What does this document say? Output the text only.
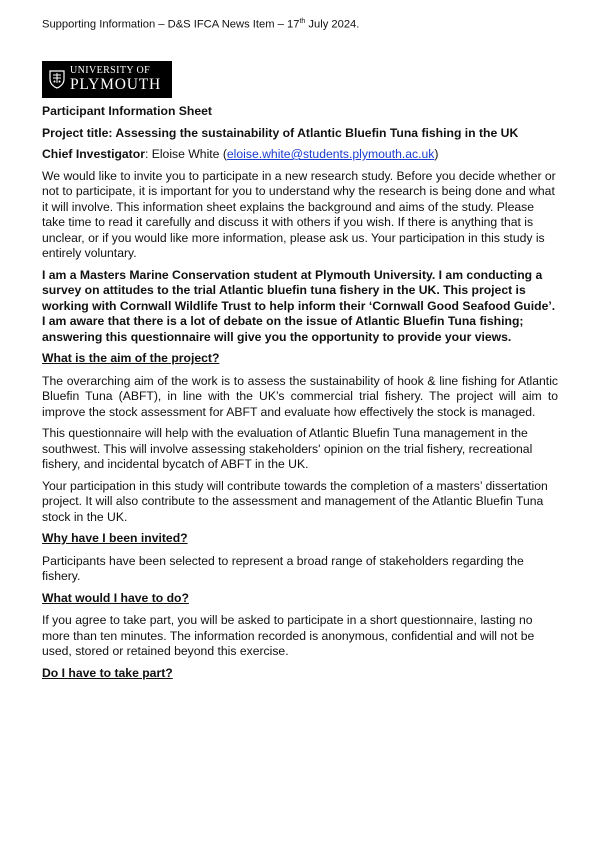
Supporting Information – D&S IFCA News Item – 17th July 2024.
UNIVERSITY OF
PLYMOUTH

Participant Information Sheet

Project title: Assessing the sustainability of Atlantic Bluefin Tuna fishing in the UK

Chief Investigator: Eloise White (eloise.white@students.plymouth.ac.uk)

We would like to invite you to participate in a new research study. Before you decide whether or not to participate, it is important for you to understand why the research is being done and what it will involve. This information sheet explains the background and aims of the study. Please take time to read it carefully and discuss it with others if you wish. If there is anything that is unclear, or if you would like more information, please ask us. Your participation in this study is entirely voluntary.

I am a Masters Marine Conservation student at Plymouth University. I am conducting a survey on attitudes to the trial Atlantic bluefin tuna fishery in the UK. This project is working with Cornwall Wildlife Trust to help inform their ‘Cornwall Good Seafood Guide’. I am aware that there is a lot of debate on the issue of Atlantic Bluefin Tuna fishing; answering this questionnaire will give you the opportunity to provide your views.

What is the aim of the project?

The overarching aim of the work is to assess the sustainability of hook & line fishing for Atlantic Bluefin Tuna (ABFT), in line with the UK’s commercial trial fishery. The project will aim to improve the stock assessment for ABFT and evaluate how effectively the stock is managed.

This questionnaire will help with the evaluation of Atlantic Bluefin Tuna management in the southwest. This will involve assessing stakeholders' opinion on the trial fishery, recreational fishery, and incidental bycatch of ABFT in the UK.

Your participation in this study will contribute towards the completion of a masters’ dissertation project. It will also contribute to the assessment and management of the Atlantic Bluefin Tuna stock in the UK.

Why have I been invited?

Participants have been selected to represent a broad range of stakeholders regarding the fishery.

What would I have to do?

If you agree to take part, you will be asked to participate in a short questionnaire, lasting no more than ten minutes. The information recorded is anonymous, confidential and will not be used, stored or retained beyond this exercise.

Do I have to take part?
